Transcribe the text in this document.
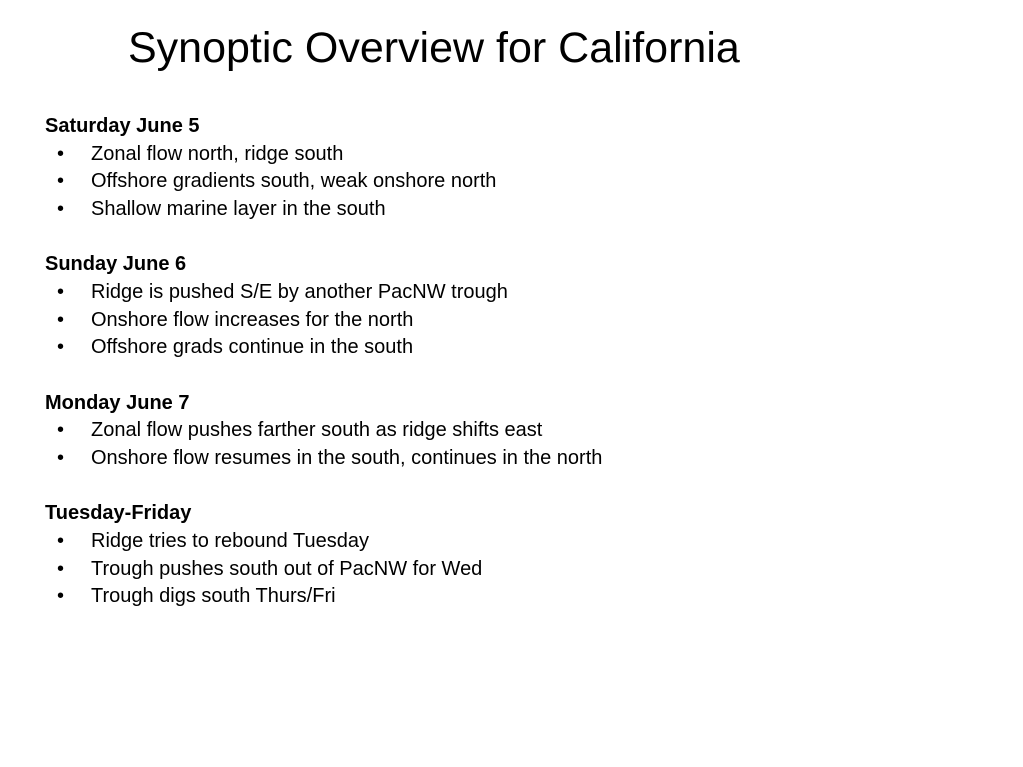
Synoptic Overview for California
Saturday June 5
• Zonal flow north, ridge south
• Offshore gradients south, weak onshore north
• Shallow marine layer in the south
Sunday June 6
• Ridge is pushed S/E by another PacNW trough
• Onshore flow increases for the north
• Offshore grads continue in the south
Monday June 7
• Zonal flow pushes farther south as ridge shifts east
• Onshore flow resumes in the south, continues in the north
Tuesday-Friday
• Ridge tries to rebound Tuesday
• Trough pushes south out of PacNW for Wed
• Trough digs south Thurs/Fri
